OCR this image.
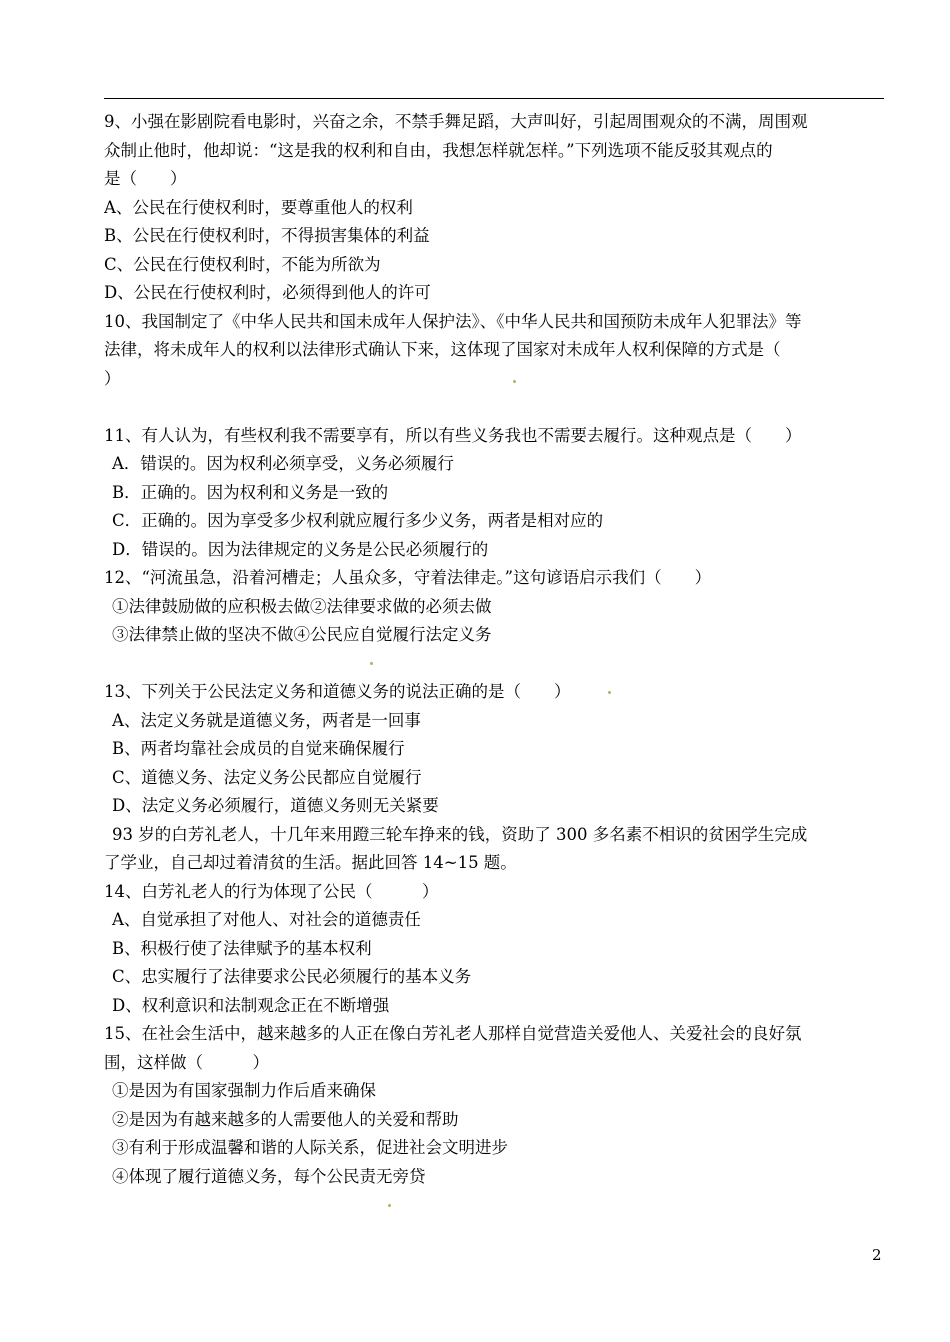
9、小强在影剧院看电影时，兴奋之余，不禁手舞足蹈，大声叫好，引起周围观众的不满，周围观
众制止他时，他却说：“这是我的权利和自由，我想怎样就怎样。”下列选项不能反驳其观点的
是（　　）
A、公民在行使权利时，要尊重他人的权利
B、公民在行使权利时，不得损害集体的利益
C、公民在行使权利时，不能为所欲为
D、公民在行使权利时，必须得到他人的许可
10、我国制定了《中华人民共和国未成年人保护法》、《中华人民共和国预防未成年人犯罪法》等
法律，将未成年人的权利以法律形式确认下来，这体现了国家对未成年人权利保障的方式是（
）

11、有人认为，有些权利我不需要享有，所以有些义务我也不需要去履行。这种观点是（　　）
A．错误的。因为权利必须享受，义务必须履行
B．正确的。因为权利和义务是一致的
C．正确的。因为享受多少权利就应履行多少义务，两者是相对应的
D．错误的。因为法律规定的义务是公民必须履行的
12、“河流虽急，沿着河槽走；人虽众多，守着法律走。”这句谚语启示我们（　　）
①法律鼓励做的应积极去做②法律要求做的必须去做
③法律禁止做的坚决不做④公民应自觉履行法定义务

13、下列关于公民法定义务和道德义务的说法正确的是（　　）
A、法定义务就是道德义务，两者是一回事
B、两者均靠社会成员的自觉来确保履行
C、道德义务、法定义务公民都应自觉履行
D、法定义务必须履行，道德义务则无关紧要
93 岁的白芳礼老人，十几年来用蹬三轮车挣来的钱，资助了 300 多名素不相识的贫困学生完成
了学业，自己却过着清贫的生活。据此回答 14~15 题。
14、白芳礼老人的行为体现了公民（　　　）
A、自觉承担了对他人、对社会的道德责任
B、积极行使了法律赋予的基本权利
C、忠实履行了法律要求公民必须履行的基本义务
D、权利意识和法制观念正在不断增强
15、在社会生活中，越来越多的人正在像白芳礼老人那样自觉营造关爱他人、关爱社会的良好氛
围，这样做（　　　）
①是因为有国家强制力作后盾来确保
②是因为有越来越多的人需要他人的关爱和帮助
③有利于形成温馨和谐的人际关系，促进社会文明进步
④体现了履行道德义务，每个公民责无旁贷

2
